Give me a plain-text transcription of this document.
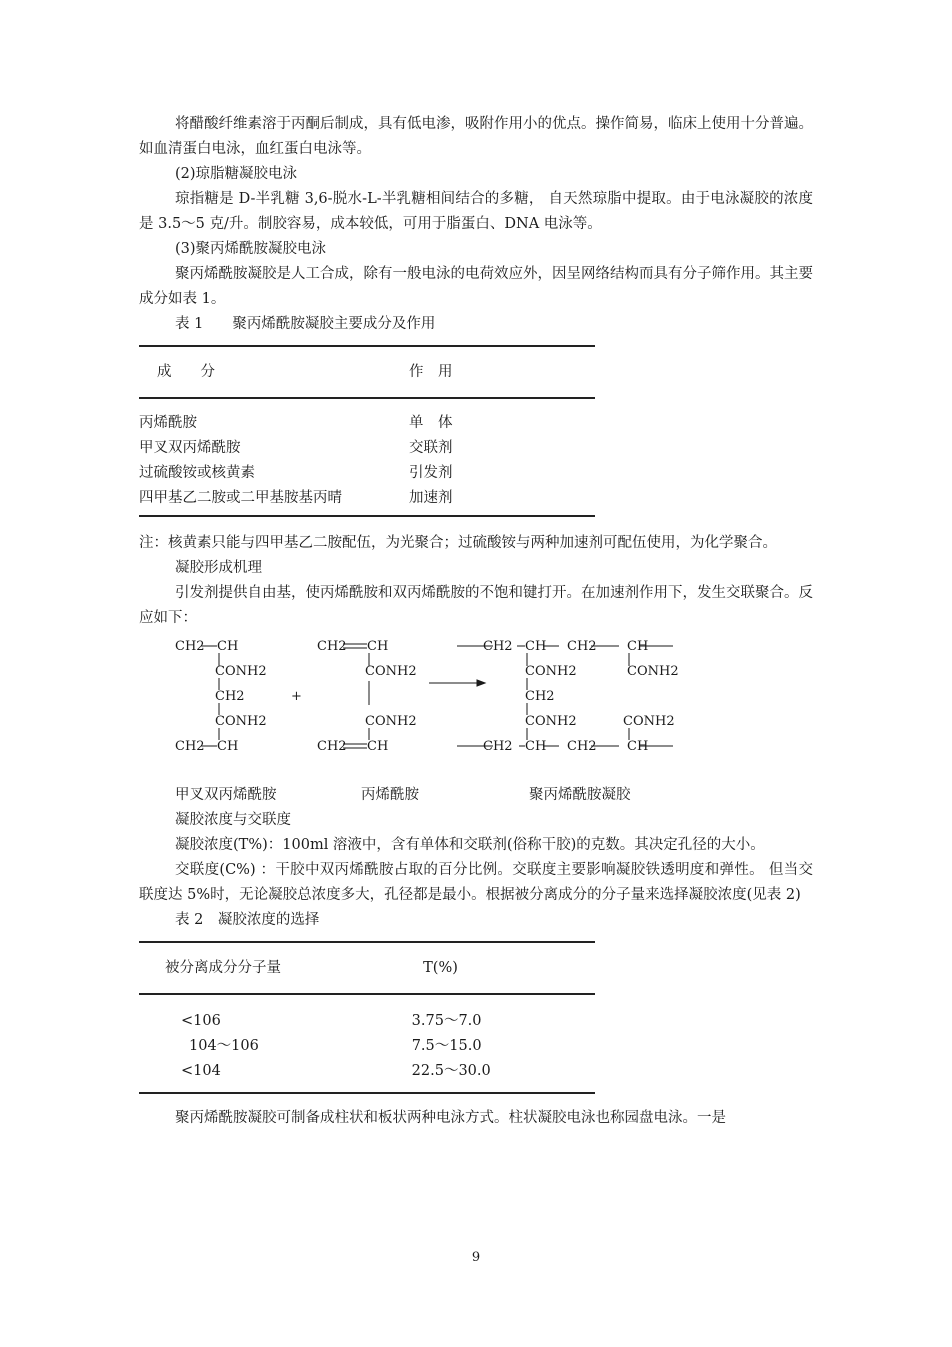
将醋酸纤维素溶于丙酮后制成，具有低电渗，吸附作用小的优点。操作简易，临床上使用十分普遍。如血清蛋白电泳，血红蛋白电泳等。

(2)琼脂糖凝胶电泳

琼指糖是 D-半乳糖 3,6-脱水-L-半乳糖相间结合的多糖， 自天然琼脂中提取。由于电泳凝胶的浓度是 3.5～5 克/升。制胶容易，成本较低，可用于脂蛋白、DNA 电泳等。

(3)聚丙烯酰胺凝胶电泳

聚丙烯酰胺凝胶是人工合成，除有一般电泳的电荷效应外，因呈网络结构而具有分子筛作用。其主要成分如表 1。

表 1　　聚丙烯酰胺凝胶主要成分及作用

成　　分	作　用
丙烯酰胺	单　体
甲叉双丙烯酰胺	交联剂
过硫酸铵或核黄素	引发剂
四甲基乙二胺或二甲基胺基丙晴	加速剂

注：核黄素只能与四甲基乙二胺配伍，为光聚合；过硫酸铵与两种加速剂可配伍使用，为化学聚合。

凝胶形成机理

引发剂提供自由基，使丙烯酰胺和双丙烯酰胺的不饱和键打开。在加速剂作用下，发生交联聚合。反应如下：

CH2 CH
CONH2
CH2
CONH2
CH2 CH
+
CH2 CH
CONH2
CONH2
CH2 CH
CH2 CH CH2 CH
CONH2	CONH2
CH2
CONH2	CONH2
CH2 CH CH2 CH
甲叉双丙烯酰胺	丙烯酰胺	聚丙烯酰胺凝胶

凝胶浓度与交联度

凝胶浓度(T%)：100ml 溶液中，含有单体和交联剂(俗称干胶)的克数。其决定孔径的大小。

交联度(C%) ：干胶中双丙烯酰胺占取的百分比例。交联度主要影响凝胶铁透明度和弹性。 但当交联度达 5%时，无论凝胶总浓度多大，孔径都是最小。根据被分离成分的分子量来选择凝胶浓度(见表 2)

表 2　凝胶浓度的选择

被分离成分分子量	T(%)
<106	3.75～7.0
104～106	7.5～15.0
<104	22.5～30.0

聚丙烯酰胺凝胶可制备成柱状和板状两种电泳方式。柱状凝胶电泳也称园盘电泳。一是

9
